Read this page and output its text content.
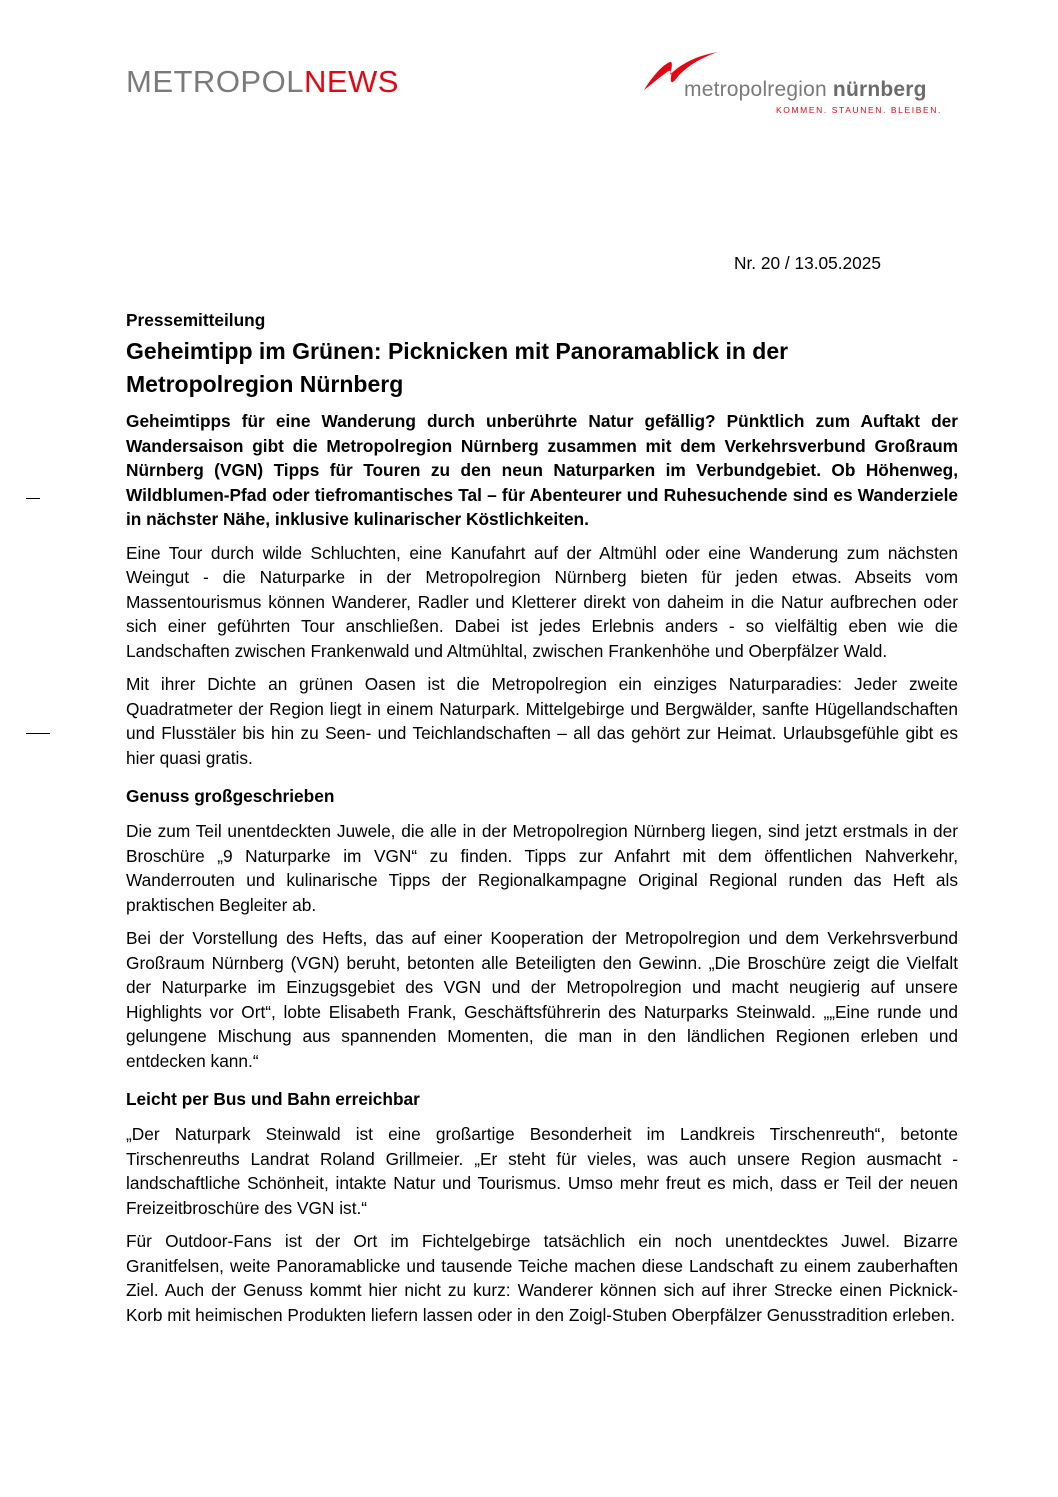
METROPOLNEWS	metropolregion nürnberg
KOMMEN. STAUNEN. BLEIBEN.
Nr. 20 / 13.05.2025
Pressemitteilung
Geheimtipp im Grünen: Picknicken mit Panoramablick in der Metropolregion Nürnberg

Geheimtipps für eine Wanderung durch unberührte Natur gefällig? Pünktlich zum Auftakt der Wandersaison gibt die Metropolregion Nürnberg zusammen mit dem Verkehrsverbund Großraum Nürnberg (VGN) Tipps für Touren zu den neun Naturparken im Verbundgebiet. Ob Höhenweg, Wildblumen-Pfad oder tiefromantisches Tal – für Abenteurer und Ruhesuchende sind es Wanderziele in nächster Nähe, inklusive kulinarischer Köstlichkeiten.

Eine Tour durch wilde Schluchten, eine Kanufahrt auf der Altmühl oder eine Wanderung zum nächsten Weingut - die Naturparke in der Metropolregion Nürnberg bieten für jeden etwas. Abseits vom Massentourismus können Wanderer, Radler und Kletterer direkt von daheim in die Natur aufbrechen oder sich einer geführten Tour anschließen. Dabei ist jedes Erlebnis anders - so vielfältig eben wie die Landschaften zwischen Frankenwald und Altmühltal, zwischen Frankenhöhe und Oberpfälzer Wald.

Mit ihrer Dichte an grünen Oasen ist die Metropolregion ein einziges Naturparadies: Jeder zweite Quadratmeter der Region liegt in einem Naturpark. Mittelgebirge und Bergwälder, sanfte Hügellandschaften und Flusstäler bis hin zu Seen- und Teichlandschaften – all das gehört zur Heimat. Urlaubsgefühle gibt es hier quasi gratis.

Genuss großgeschrieben

Die zum Teil unentdeckten Juwele, die alle in der Metropolregion Nürnberg liegen, sind jetzt erstmals in der Broschüre „9 Naturparke im VGN“ zu finden. Tipps zur Anfahrt mit dem öffentlichen Nahverkehr, Wanderrouten und kulinarische Tipps der Regionalkampagne Original Regional runden das Heft als praktischen Begleiter ab.

Bei der Vorstellung des Hefts, das auf einer Kooperation der Metropolregion und dem Verkehrsverbund Großraum Nürnberg (VGN) beruht, betonten alle Beteiligten den Gewinn. „Die Broschüre zeigt die Vielfalt der Naturparke im Einzugsgebiet des VGN und der Metropolregion und macht neugierig auf unsere Highlights vor Ort“, lobte Elisabeth Frank, Geschäftsführerin des Naturparks Steinwald. „„Eine runde und gelungene Mischung aus spannenden Momenten, die man in den ländlichen Regionen erleben und entdecken kann.“

Leicht per Bus und Bahn erreichbar

„Der Naturpark Steinwald ist eine großartige Besonderheit im Landkreis Tirschenreuth“, betonte Tirschenreuths Landrat Roland Grillmeier. „Er steht für vieles, was auch unsere Region ausmacht - landschaftliche Schönheit, intakte Natur und Tourismus. Umso mehr freut es mich, dass er Teil der neuen Freizeitbroschüre des VGN ist.“

Für Outdoor-Fans ist der Ort im Fichtelgebirge tatsächlich ein noch unentdecktes Juwel. Bizarre Granitfelsen, weite Panoramablicke und tausende Teiche machen diese Landschaft zu einem zauberhaften Ziel. Auch der Genuss kommt hier nicht zu kurz: Wanderer können sich auf ihrer Strecke einen Picknick-Korb mit heimischen Produkten liefern lassen oder in den Zoigl-Stuben Oberpfälzer Genusstradition erleben.
